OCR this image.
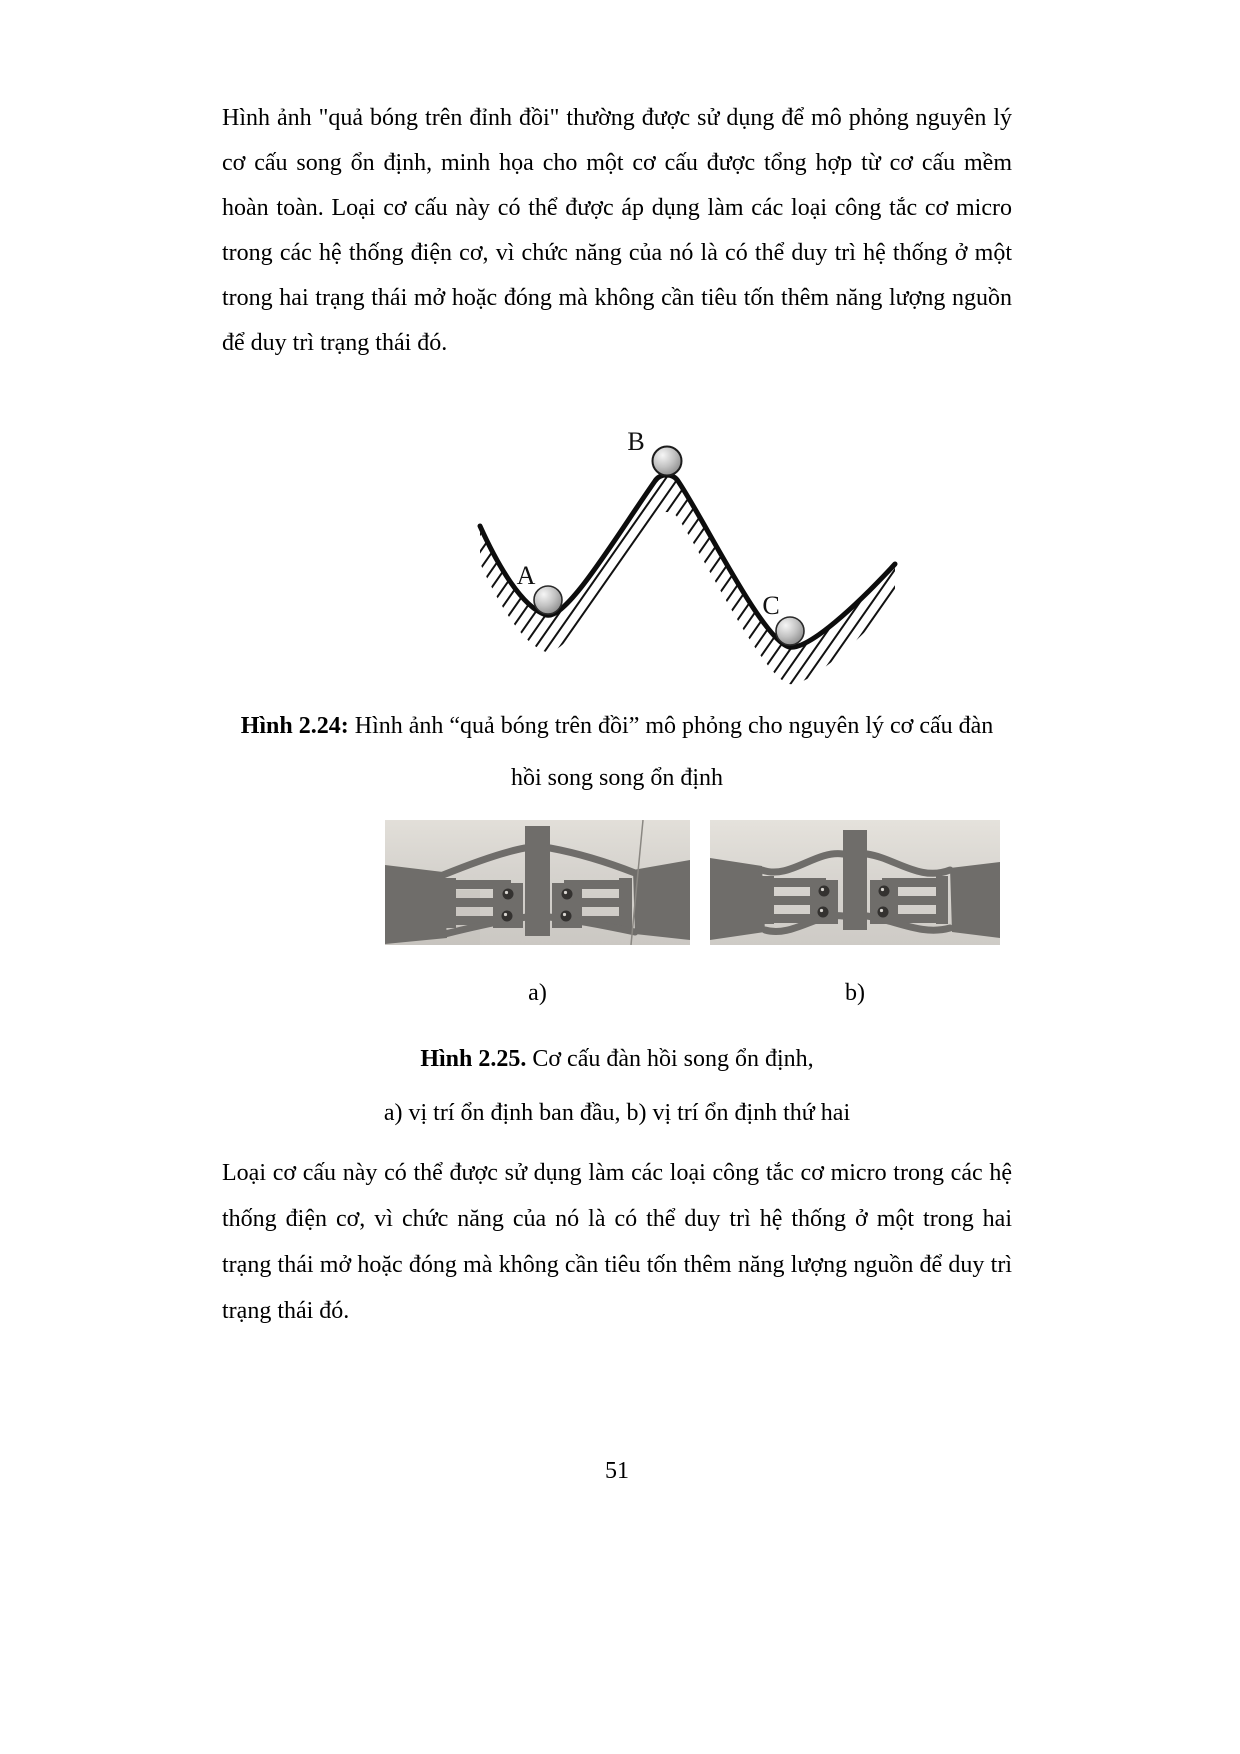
Hình ảnh "quả bóng trên đỉnh đồi" thường được sử dụng để mô phỏng nguyên lý cơ cấu song ổn định, minh họa cho một cơ cấu được tổng hợp từ cơ cấu mềm hoàn toàn. Loại cơ cấu này có thể được áp dụng làm các loại công tắc cơ micro trong các hệ thống điện cơ, vì chức năng của nó là có thể duy trì hệ thống ở một trong hai trạng thái mở hoặc đóng mà không cần tiêu tốn thêm năng lượng nguồn để duy trì trạng thái đó.

A
B
C
Hình 2.24: Hình ảnh “quả bóng trên đồi” mô phỏng cho nguyên lý cơ cấu đàn
hồi song song ổn định
a)	b)
Hình 2.25. Cơ cấu đàn hồi song ổn định,
a) vị trí ổn định ban đầu, b) vị trí ổn định thứ hai

Loại cơ cấu này có thể được sử dụng làm các loại công tắc cơ micro trong các hệ thống điện cơ, vì chức năng của nó là có thể duy trì hệ thống ở một trong hai trạng thái mở hoặc đóng mà không cần tiêu tốn thêm năng lượng nguồn để duy trì trạng thái đó.

51
